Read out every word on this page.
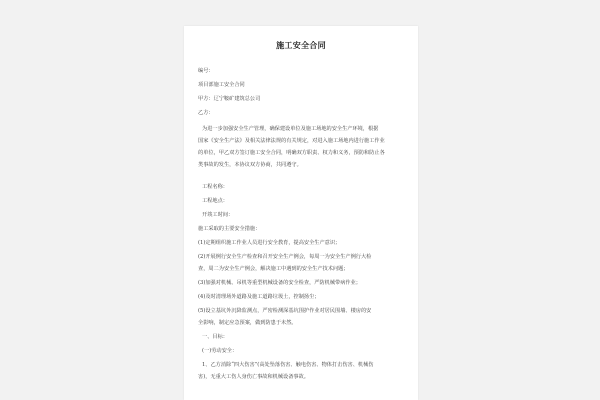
施工安全合同
编号：
项目部施工安全合同
甲方：辽宁鞍矿建筑总公司
乙方：
为进一步加强安全生产管理，确保建设单位及施工场地的安全生产环境，根据
国家《安全生产法》及相关法律法规的有关规定，对进入施工场地内进行施工作业
的单位，甲乙双方签订施工安全合同，明确双方职责、权力和义务，预防和防止各
类事故的发生，本协议双方协商，共同遵守。
工程名称：
工程地点：
开竣工时间：
施工采取的主要安全措施：
(1)定期组织施工作业人员进行安全教育，提高安全生产意识；
(2)开展例行安全生产检查和召开安全生产例会，每周一为安全生产例行大检
查，周二为安全生产例会，解决施工中遇到的安全生产技术问题；
(3)加强对机械、吊机等重型机械设备的安全检查，严防机械带病作业；
(4)及时清理场外道路及施工道路垃圾土，控制扬尘；
(5)设立基坑外沉降监测点，严密检测深基坑围护作业对居民围墙、楼房的安
全影响，制定应急预案，做到防患于未然。
一、目标：
(一)劳动安全：
1、乙方消除“四大伤害”(高处坠落伤害、触电伤害、物体打击伤害、机械伤
害)，无重大工伤人身伤亡事故和机械设备事故。
